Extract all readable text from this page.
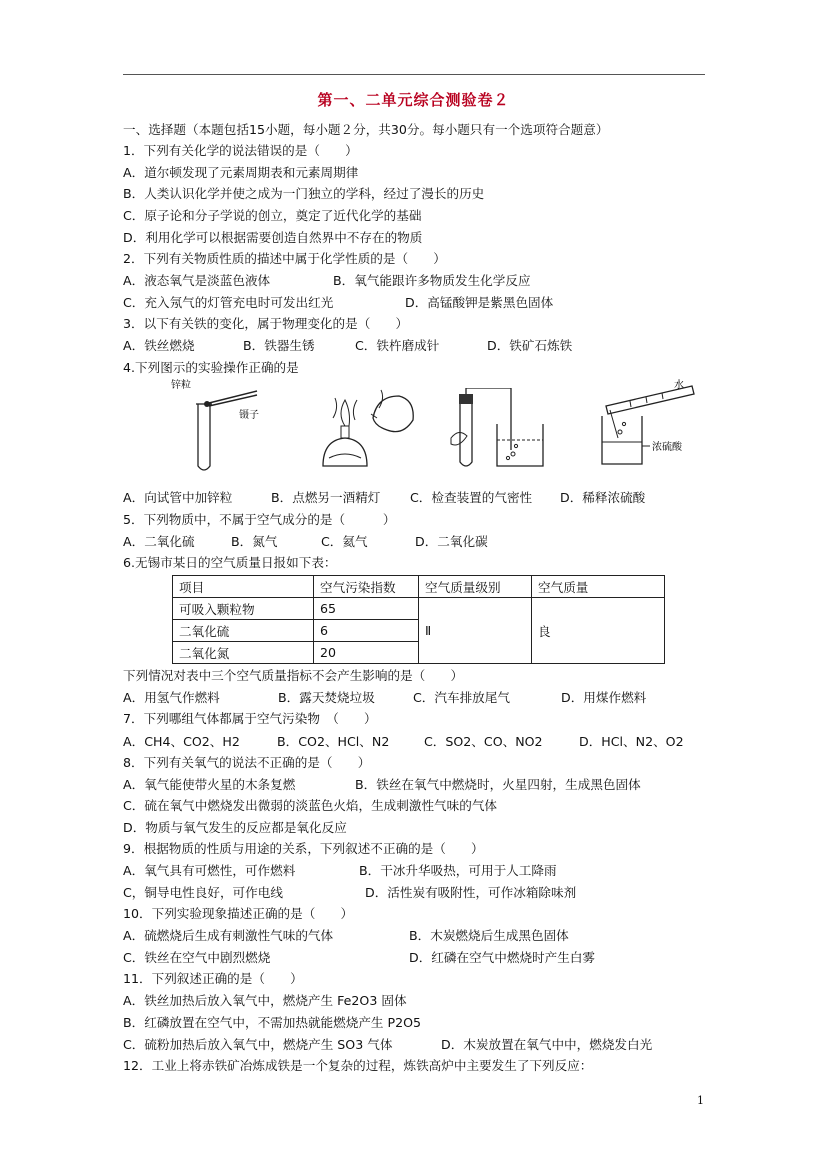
第一、二单元综合测验卷２
一、选择题（本题包括15小题，每小题２分，共30分。每小题只有一个选项符合题意）
1．下列有关化学的说法错误的是（　　）
A．道尔顿发现了元素周期表和元素周期律
B．人类认识化学并使之成为一门独立的学科，经过了漫长的历史
C．原子论和分子学说的创立，奠定了近代化学的基础
D．利用化学可以根据需要创造自然界中不存在的物质
2．下列有关物质性质的描述中属于化学性质的是（　　）
A．液态氧气是淡蓝色液体	B．氧气能跟许多物质发生化学反应
C．充入氖气的灯管充电时可发出红光	D．高锰酸钾是紫黑色固体
3．以下有关铁的变化，属于物理变化的是（　　）
A．铁丝燃烧	B．铁器生锈	C．铁杵磨成针	D．铁矿石炼铁
4.下列图示的实验操作正确的是
锌粒
镊子
水
浓硫酸
A．向试管中加锌粒	B．点燃另一酒精灯 C．检查装置的气密性 D．稀释浓硫酸
5．下列物质中，不属于空气成分的是（　　　）
A．二氧化硫	B．氮气	C．氦气	D．二氧化碳
6.无锡市某日的空气质量日报如下表：
项目	空气污染指数	空气质量级别	空气质量
可吸入颗粒物	65	Ⅱ	良
二氧化硫	6		
二氧化氮	20		
下列情况对表中三个空气质量指标不会产生影响的是（　　）
A．用氢气作燃料	B．露天焚烧垃圾	C．汽车排放尾气	D．用煤作燃料
7．下列哪组气体都属于空气污染物　（　　）
A．CH4、CO2、H2	B．CO2、HCl、N2	C．SO2、CO、NO2	D．HCl、N2、O2
8．下列有关氧气的说法不正确的是（　　）
A．氧气能使带火星的木条复燃	B．铁丝在氧气中燃烧时，火星四射，生成黑色固体
C．硫在氧气中燃烧发出微弱的淡蓝色火焰，生成刺激性气味的气体
D．物质与氧气发生的反应都是氧化反应
9．根据物质的性质与用途的关系，下列叙述不正确的是（　　）
A．氧气具有可燃性，可作燃料	B．干冰升华吸热，可用于人工降雨
C，铜导电性良好，可作电线	D．活性炭有吸附性，可作冰箱除味剂
10．下列实验现象描述正确的是（　　）
A．硫燃烧后生成有刺激性气味的气体	B．木炭燃烧后生成黑色固体
C．铁丝在空气中剧烈燃烧	D．红磷在空气中燃烧时产生白雾
11．下列叙述正确的是（　　）
A．铁丝加热后放入氧气中，燃烧产生 Fe2O3 固体
B．红磷放置在空气中，不需加热就能燃烧产生 P2O5
C．硫粉加热后放入氧气中，燃烧产生 SO3 气体	D．木炭放置在氧气中中，燃烧发白光
12．工业上将赤铁矿冶炼成铁是一个复杂的过程，炼铁高炉中主要发生了下列反应：
1
